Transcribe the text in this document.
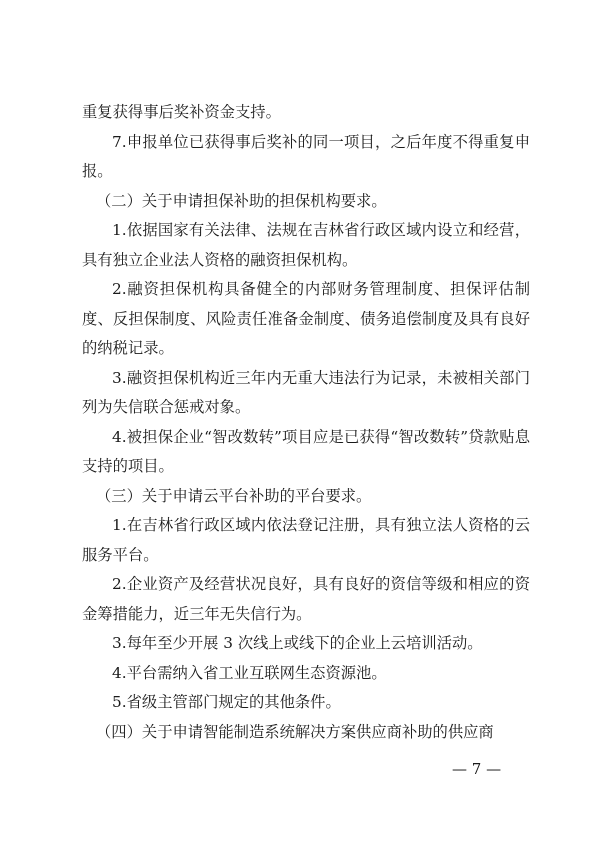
重复获得事后奖补资金支持。

7.申报单位已获得事后奖补的同一项目，之后年度不得重复申报。

（二）关于申请担保补助的担保机构要求。

1.依据国家有关法律、法规在吉林省行政区域内设立和经营，具有独立企业法人资格的融资担保机构。

2.融资担保机构具备健全的内部财务管理制度、担保评估制度、反担保制度、风险责任准备金制度、债务追偿制度及具有良好的纳税记录。

3.融资担保机构近三年内无重大违法行为记录，未被相关部门列为失信联合惩戒对象。

4.被担保企业“智改数转”项目应是已获得“智改数转”贷款贴息支持的项目。

（三）关于申请云平台补助的平台要求。

1.在吉林省行政区域内依法登记注册，具有独立法人资格的云服务平台。

2.企业资产及经营状况良好，具有良好的资信等级和相应的资金筹措能力，近三年无失信行为。

3.每年至少开展 3 次线上或线下的企业上云培训活动。

4.平台需纳入省工业互联网生态资源池。

5.省级主管部门规定的其他条件。

（四）关于申请智能制造系统解决方案供应商补助的供应商

— 7 —
